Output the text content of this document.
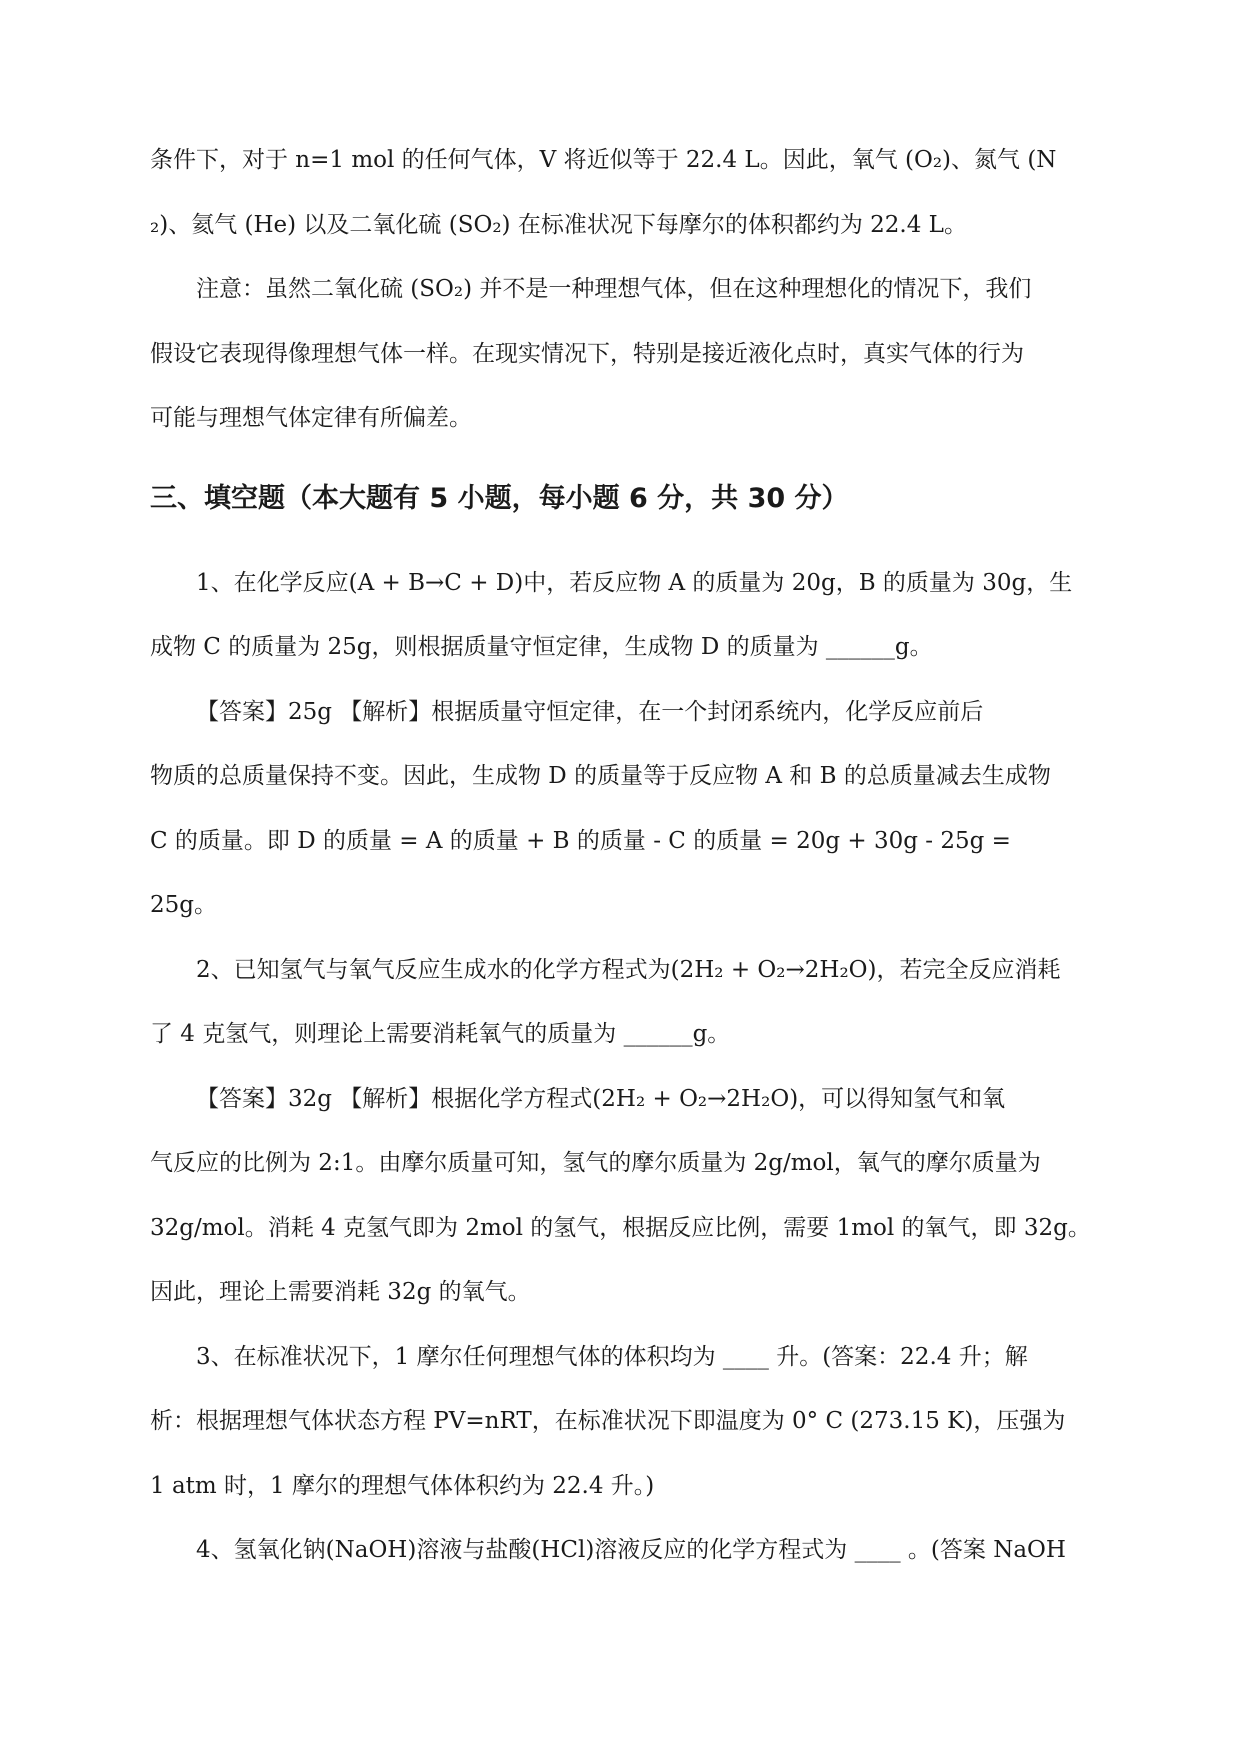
条件下，对于 n=1 mol 的任何气体，V 将近似等于 22.4 L。因此，氧气 (O₂)、氮气 (N

₂)、氦气 (He) 以及二氧化硫 (SO₂) 在标准状况下每摩尔的体积都约为 22.4 L。

注意：虽然二氧化硫 (SO₂) 并不是一种理想气体，但在这种理想化的情况下，我们

假设它表现得像理想气体一样。在现实情况下，特别是接近液化点时，真实气体的行为

可能与理想气体定律有所偏差。

三、填空题（本大题有 5 小题，每小题 6 分，共 30 分）

1、在化学反应(A + B→C + D)中，若反应物 A 的质量为 20g，B 的质量为 30g，生

成物 C 的质量为 25g，则根据质量守恒定律，生成物 D 的质量为 ______g。

【答案】25g 【解析】根据质量守恒定律，在一个封闭系统内，化学反应前后

物质的总质量保持不变。因此，生成物 D 的质量等于反应物 A 和 B 的总质量减去生成物

C 的质量。即 D 的质量 = A 的质量 + B 的质量 - C 的质量 = 20g + 30g - 25g =

25g。

2、已知氢气与氧气反应生成水的化学方程式为(2H₂ + O₂→2H₂O)，若完全反应消耗

了 4 克氢气，则理论上需要消耗氧气的质量为 ______g。

【答案】32g 【解析】根据化学方程式(2H₂ + O₂→2H₂O)，可以得知氢气和氧

气反应的比例为 2:1。由摩尔质量可知，氢气的摩尔质量为 2g/mol，氧气的摩尔质量为

32g/mol。消耗 4 克氢气即为 2mol 的氢气，根据反应比例，需要 1mol 的氧气，即 32g。

因此，理论上需要消耗 32g 的氧气。

3、在标准状况下，1 摩尔任何理想气体的体积均为 ____ 升。(答案：22.4 升；解

析：根据理想气体状态方程 PV=nRT，在标准状况下即温度为 0° C (273.15 K)，压强为

1 atm 时，1 摩尔的理想气体体积约为 22.4 升。)

4、氢氧化钠(NaOH)溶液与盐酸(HCl)溶液反应的化学方程式为 ____ 。(答案 NaOH
